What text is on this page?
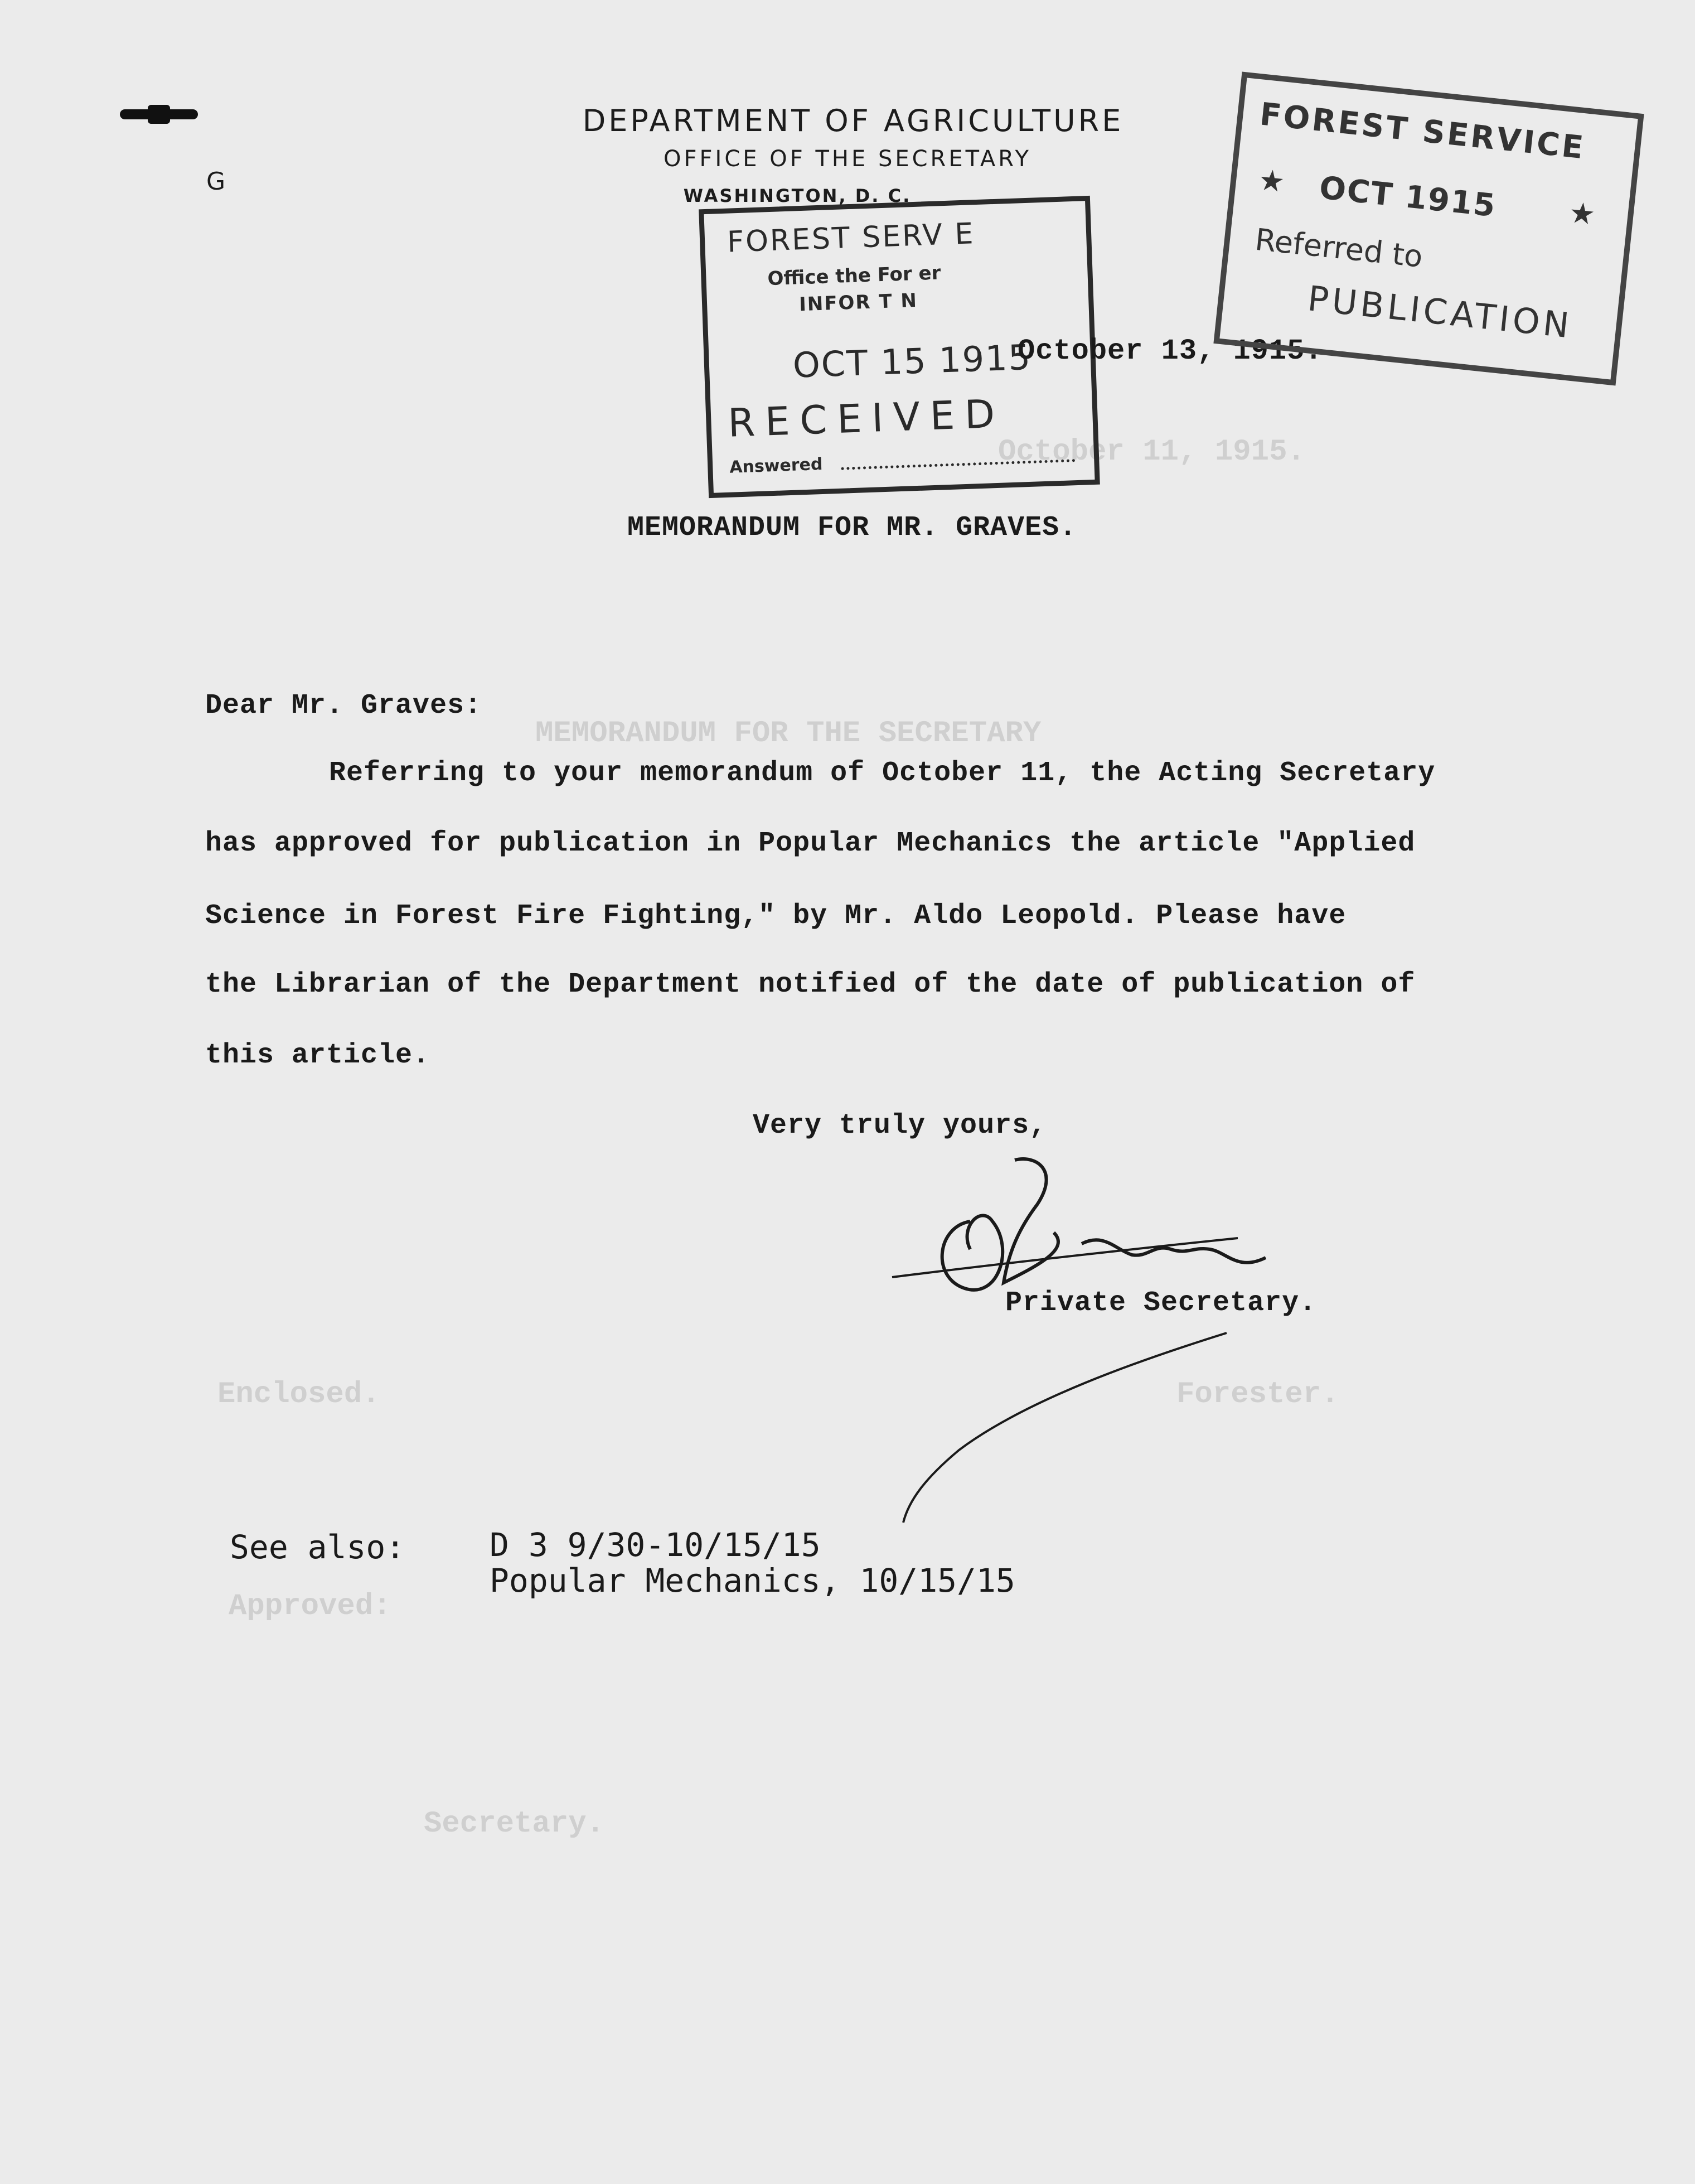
October 11, 1915.
MEMORANDUM FOR THE SECRETARY
Enclosed.	Forester.
Approved:
Secretary.
G
DEPARTMENT OF AGRICULTURE
OFFICE OF THE SECRETARY
WASHINGTON, D. C.
FOREST SERV E
Office the For er
INFOR T N
OCT 15 1915
RECEIVED
Answered
October 13, 1915.
FOREST SERVICE
★ OCT 1915 ★
Referred to
PUBLICATION
MEMORANDUM FOR MR. GRAVES.
Dear Mr. Graves:
Referring to your memorandum of October 11, the Acting Secretary
has approved for publication in Popular Mechanics the article "Applied
Science in Forest Fire Fighting," by Mr. Aldo Leopold. Please have
the Librarian of the Department notified of the date of publication of
this article.
Very truly yours,
Private Secretary.
See also:	D 3 9/30-10/15/15
Popular Mechanics, 10/15/15
